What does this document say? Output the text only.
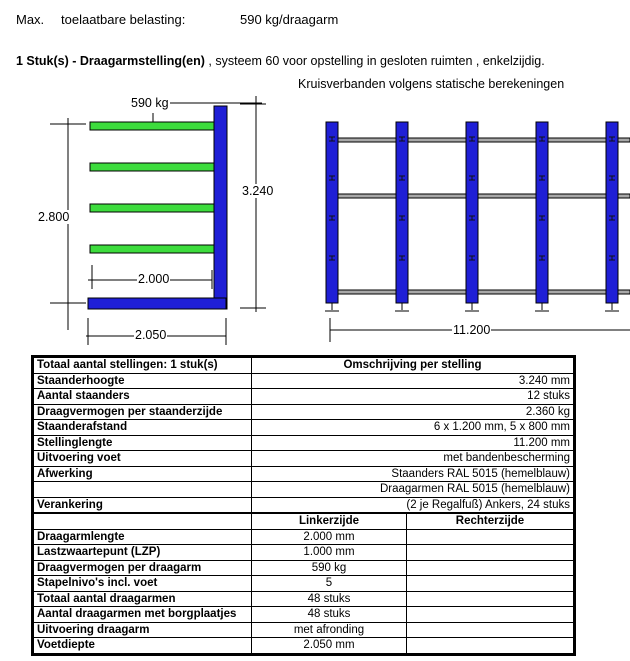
Max. toelaatbare belasting:	590 kg/draagarm
1 Stuk(s) - Draagarmstelling(en) , systeem 60 voor opstelling in gesloten ruimten , enkelzijdig.
Kruisverbanden volgens statische berekeningen
590 kg
3.240
2.800
2.000
2.050	11.200
Totaal aantal stellingen: 1 stuk(s)	Omschrijving per stelling	
Staanderhoogte	3.240 mm	
Aantal staanders	12 stuks	
Draagvermogen per staanderzijde	2.360 kg	
Staanderafstand	6 x 1.200 mm, 5 x 800 mm	
Stellinglengte	11.200 mm	
Uitvoering voet	met bandenbescherming	
Afwerking	Staanders RAL 5015 (hemelblauw)	
	Draagarmen RAL 5015 (hemelblauw)	
Verankering	(2 je Regalfuß) Ankers, 24 stuks	
	Linkerzijde	Rechterzijde
Draagarmlengte	2.000 mm	
Lastzwaartepunt (LZP)	1.000 mm	
Draagvermogen per draagarm	590 kg	
Stapelnivo's incl. voet	5	
Totaal aantal draagarmen	48 stuks	
Aantal draagarmen met borgplaatjes	48 stuks	
Uitvoering draagarm	met afronding	
Voetdiepte	2.050 mm	
